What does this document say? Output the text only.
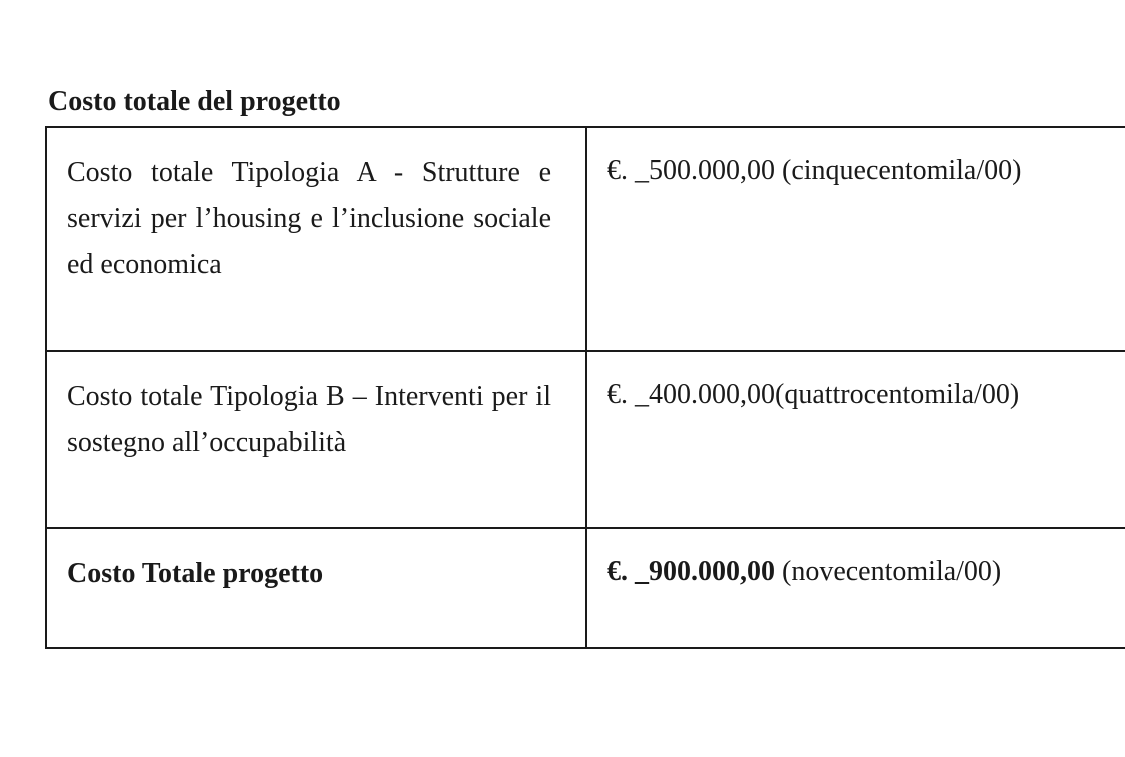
Costo totale del progetto
Costo totale Tipologia A - Strutture e servizi per l’housing e l’inclusione sociale ed economica	€. _500.000,00 (cinquecentomila/00)
Costo totale Tipologia B – Interventi per il sostegno all’occupabilità	€. _400.000,00(quattrocentomila/00)
Costo Totale progetto	€. _900.000,00 (novecentomila/00)
